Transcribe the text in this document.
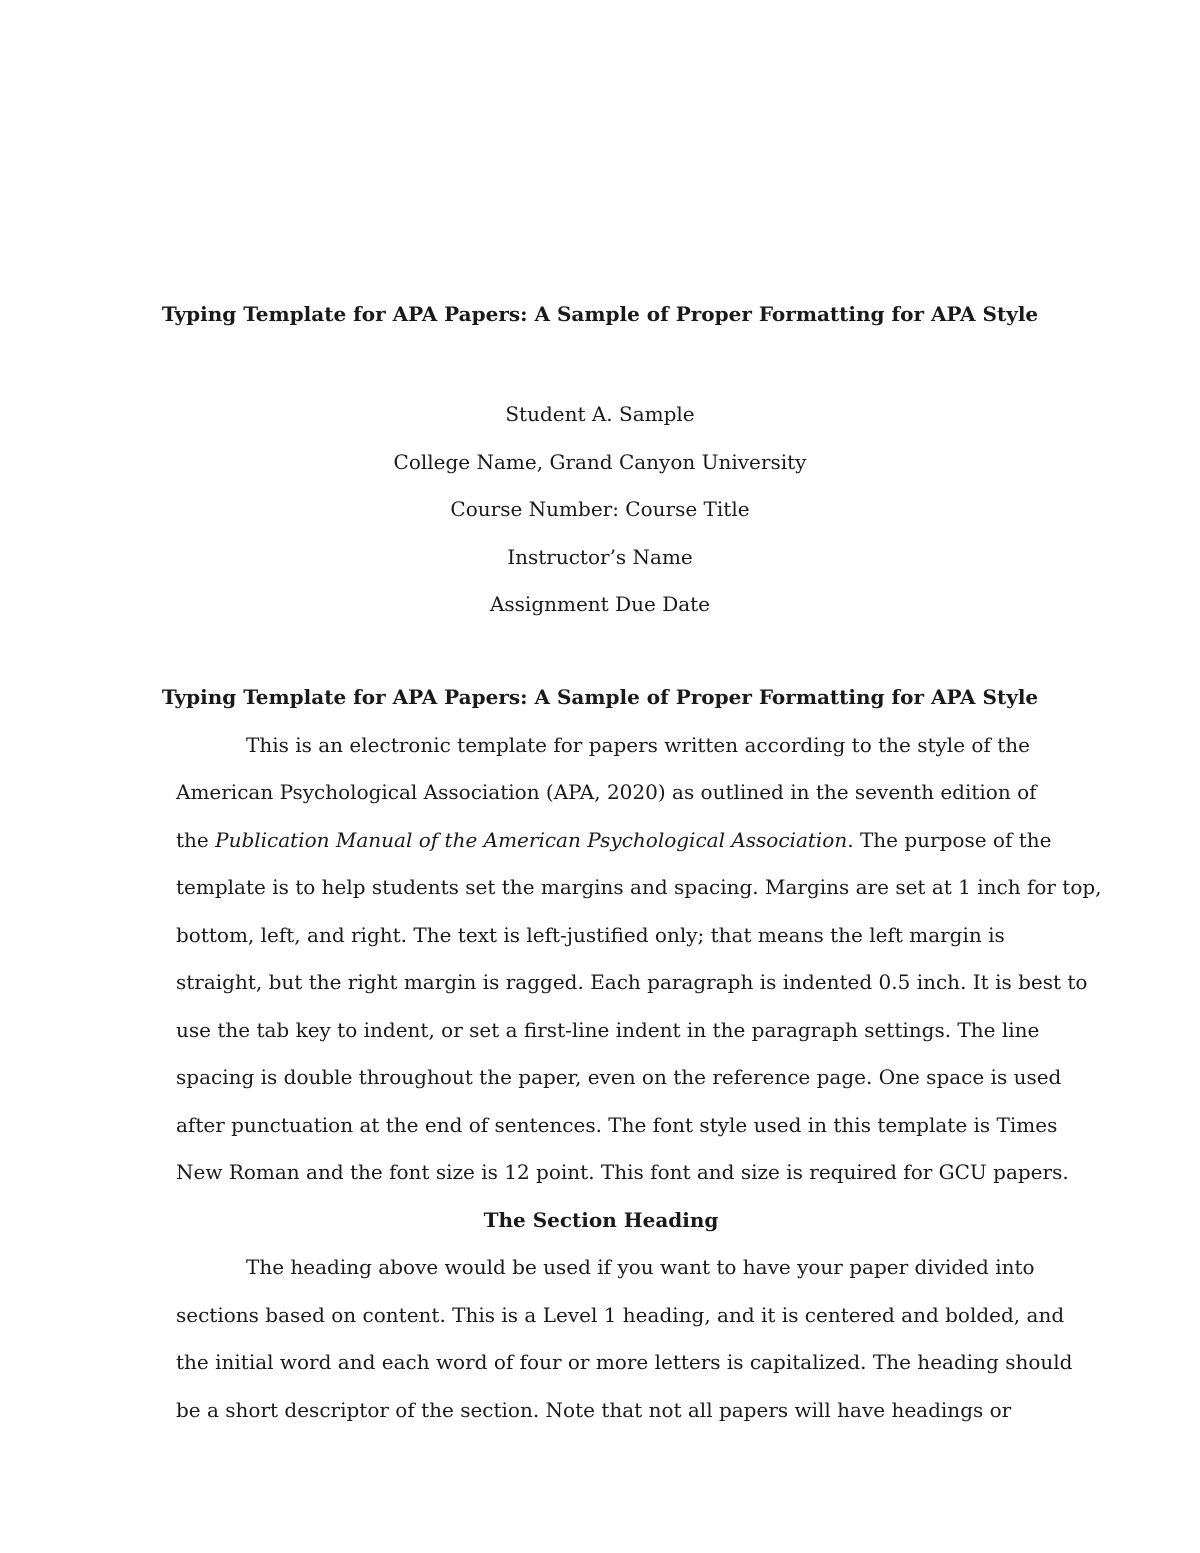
Typing Template for APA Papers: A Sample of Proper Formatting for APA Style
Student A. Sample
College Name, Grand Canyon University
Course Number: Course Title
Instructor’s Name
Assignment Due Date
Typing Template for APA Papers: A Sample of Proper Formatting for APA Style
This is an electronic template for papers written according to the style of the
American Psychological Association (APA, 2020) as outlined in the seventh edition of
the Publication Manual of the American Psychological Association. The purpose of the
template is to help students set the margins and spacing. Margins are set at 1 inch for top,
bottom, left, and right. The text is left-justified only; that means the left margin is
straight, but the right margin is ragged. Each paragraph is indented 0.5 inch. It is best to
use the tab key to indent, or set a first-line indent in the paragraph settings. The line
spacing is double throughout the paper, even on the reference page. One space is used
after punctuation at the end of sentences. The font style used in this template is Times
New Roman and the font size is 12 point. This font and size is required for GCU papers.
The Section Heading
The heading above would be used if you want to have your paper divided into
sections based on content. This is a Level 1 heading, and it is centered and bolded, and
the initial word and each word of four or more letters is capitalized. The heading should
be a short descriptor of the section. Note that not all papers will have headings or
